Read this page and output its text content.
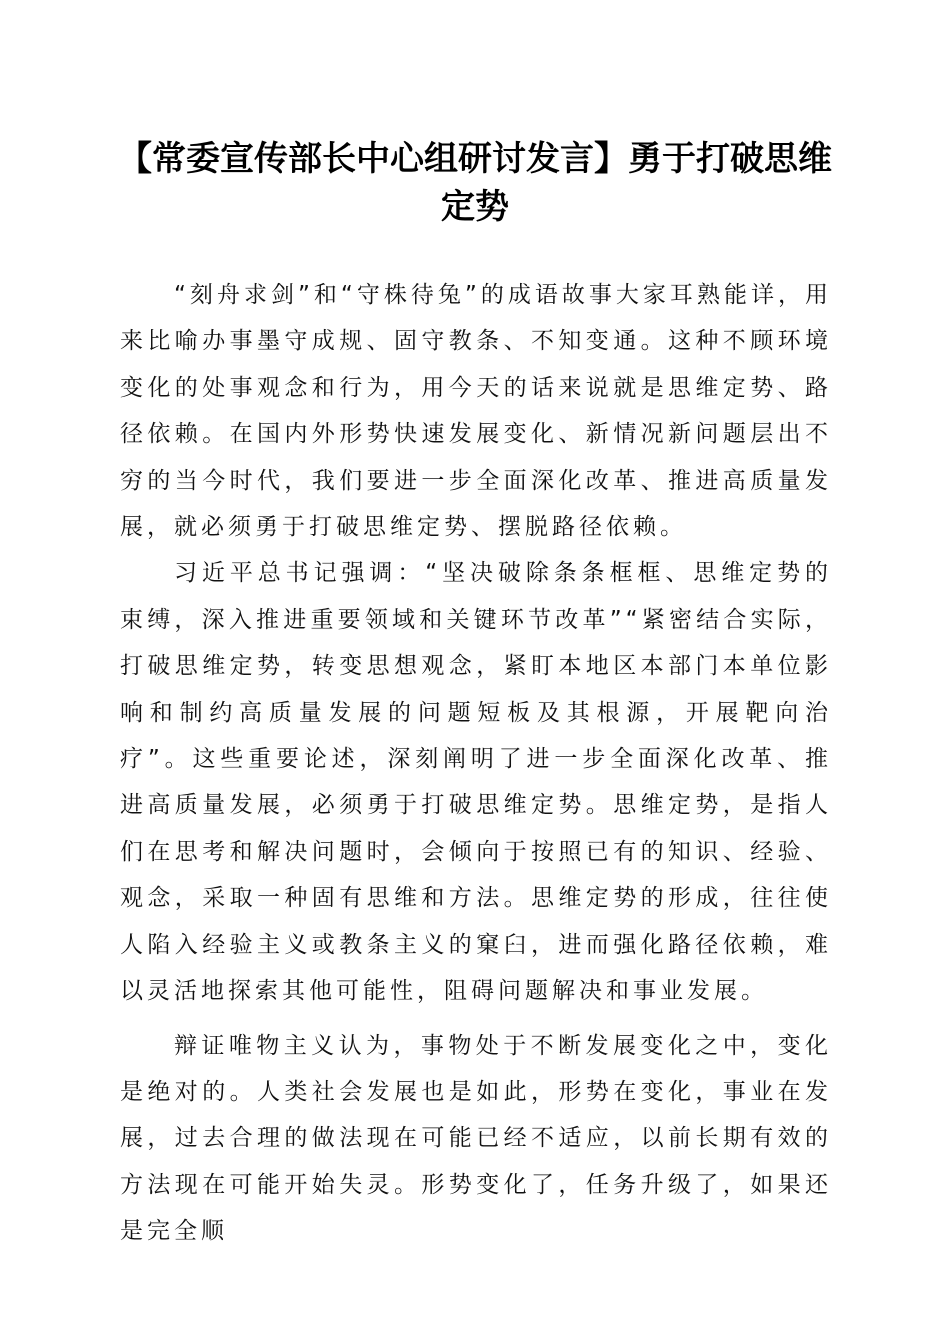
【常委宣传部长中心组研讨发言】勇于打破思维定势

“刻舟求剑”和“守株待兔”的成语故事大家耳熟能详，用来比喻办事墨守成规、固守教条、不知变通。这种不顾环境变化的处事观念和行为，用今天的话来说就是思维定势、路径依赖。在国内外形势快速发展变化、新情况新问题层出不穷的当今时代，我们要进一步全面深化改革、推进高质量发展，就必须勇于打破思维定势、摆脱路径依赖。

习近平总书记强调：“坚决破除条条框框、思维定势的束缚，深入推进重要领域和关键环节改革”“紧密结合实际，打破思维定势，转变思想观念，紧盯本地区本部门本单位影响和制约高质量发展的问题短板及其根源，开展靶向治疗”。这些重要论述，深刻阐明了进一步全面深化改革、推进高质量发展，必须勇于打破思维定势。思维定势，是指人们在思考和解决问题时，会倾向于按照已有的知识、经验、观念，采取一种固有思维和方法。思维定势的形成，往往使人陷入经验主义或教条主义的窠臼，进而强化路径依赖，难以灵活地探索其他可能性，阻碍问题解决和事业发展。

辩证唯物主义认为，事物处于不断发展变化之中，变化是绝对的。人类社会发展也是如此，形势在变化，事业在发展，过去合理的做法现在可能已经不适应，以前长期有效的方法现在可能开始失灵。形势变化了，任务升级了，如果还是完全顺
